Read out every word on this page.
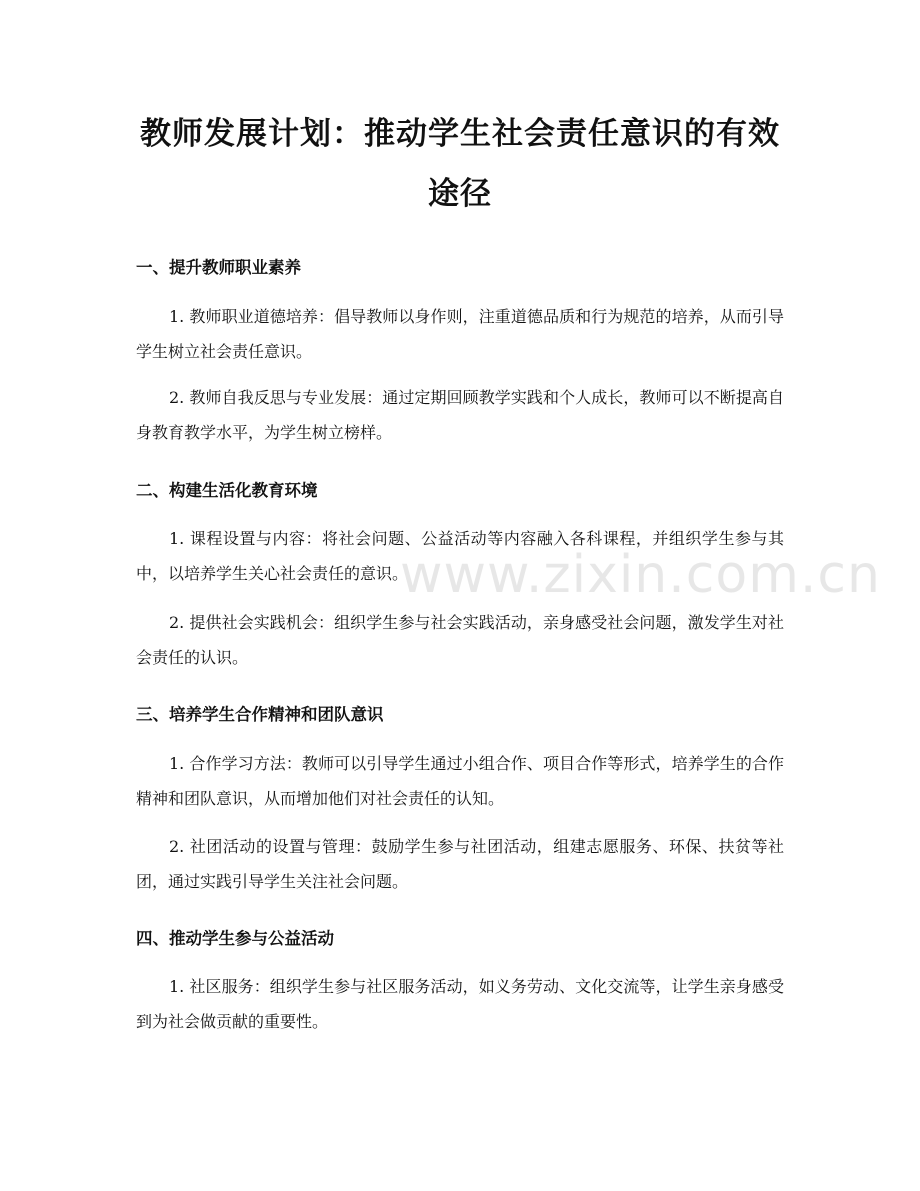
教师发展计划：推动学生社会责任意识的有效途径
一、提升教师职业素养

1. 教师职业道德培养：倡导教师以身作则，注重道德品质和行为规范的培养，从而引导学生树立社会责任意识。

2. 教师自我反思与专业发展：通过定期回顾教学实践和个人成长，教师可以不断提高自身教育教学水平，为学生树立榜样。

二、构建生活化教育环境

1. 课程设置与内容：将社会问题、公益活动等内容融入各科课程，并组织学生参与其中，以培养学生关心社会责任的意识。

2. 提供社会实践机会：组织学生参与社会实践活动，亲身感受社会问题，激发学生对社会责任的认识。

三、培养学生合作精神和团队意识

1. 合作学习方法：教师可以引导学生通过小组合作、项目合作等形式，培养学生的合作精神和团队意识，从而增加他们对社会责任的认知。

2. 社团活动的设置与管理：鼓励学生参与社团活动，组建志愿服务、环保、扶贫等社团，通过实践引导学生关注社会问题。

四、推动学生参与公益活动

1. 社区服务：组织学生参与社区服务活动，如义务劳动、文化交流等，让学生亲身感受到为社会做贡献的重要性。

www.zixin.com.cn
